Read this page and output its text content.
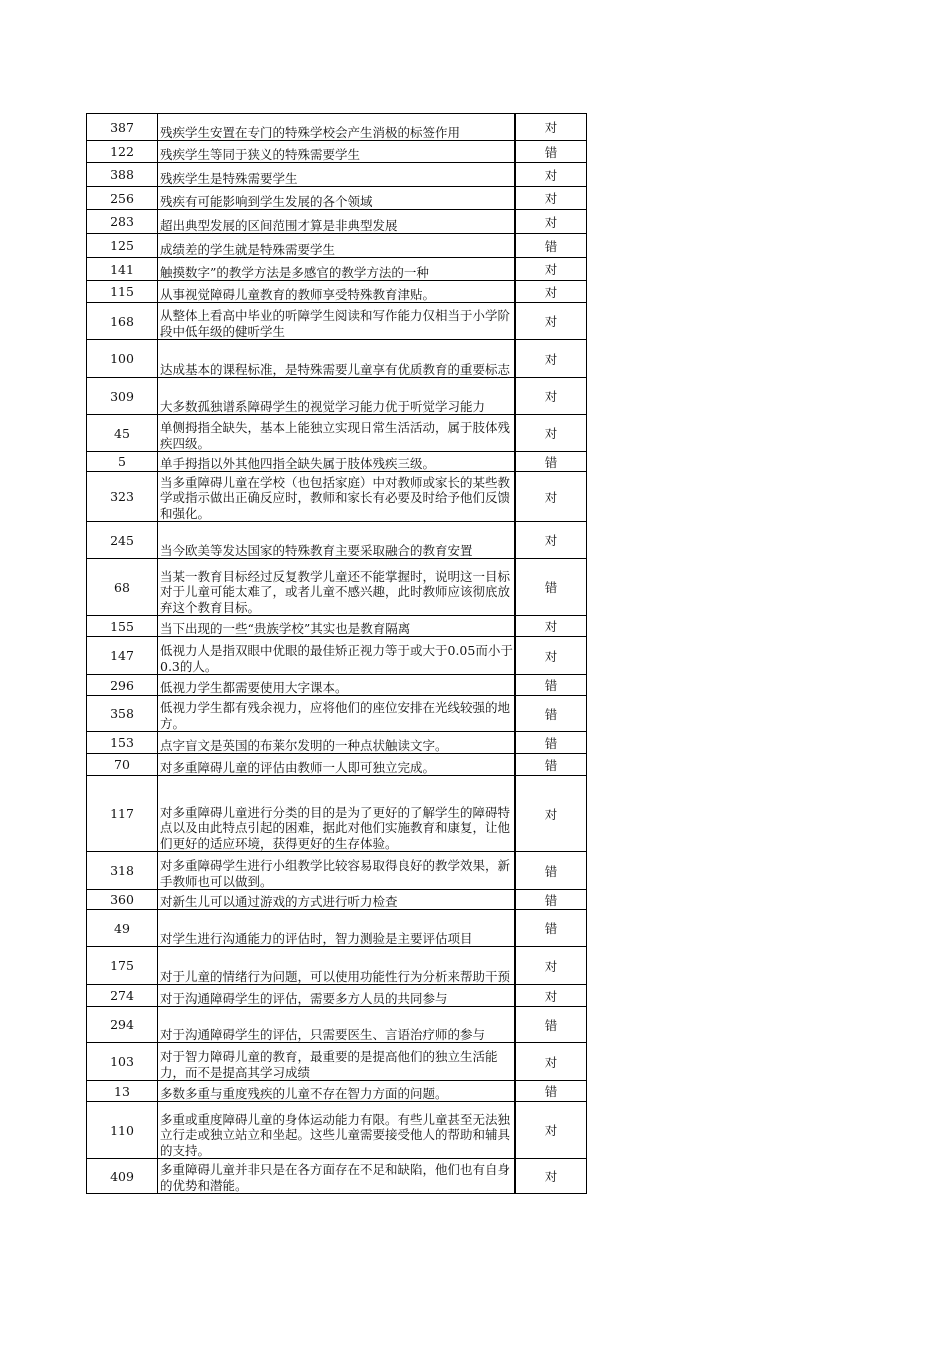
387	残疾学生安置在专门的特殊学校会产生消极的标签作用	对
122	残疾学生等同于狭义的特殊需要学生	错
388	残疾学生是特殊需要学生	对
256	残疾有可能影响到学生发展的各个领域	对
283	超出典型发展的区间范围才算是非典型发展	对
125	成绩差的学生就是特殊需要学生	错
141	触摸数字”的教学方法是多感官的教学方法的一种	对
115	从事视觉障碍儿童教育的教师享受特殊教育津贴。	对
168	从整体上看高中毕业的听障学生阅读和写作能力仅相当于小学阶段中低年级的健听学生	对
100	达成基本的课程标准，是特殊需要儿童享有优质教育的重要标志	对
309	大多数孤独谱系障碍学生的视觉学习能力优于听觉学习能力	对
45	单侧拇指全缺失，基本上能独立实现日常生活活动，属于肢体残疾四级。	对
5	单手拇指以外其他四指全缺失属于肢体残疾三级。	错
323	当多重障碍儿童在学校（也包括家庭）中对教师或家长的某些教学或指示做出正确反应时，教师和家长有必要及时给予他们反馈和强化。	对
245	当今欧美等发达国家的特殊教育主要采取融合的教育安置	对
68	当某一教育目标经过反复教学儿童还不能掌握时，说明这一目标对于儿童可能太难了，或者儿童不感兴趣，此时教师应该彻底放弃这个教育目标。	错
155	当下出现的一些“贵族学校”其实也是教育隔离	对
147	低视力人是指双眼中优眼的最佳矫正视力等于或大于0.05而小于0.3的人。	对
296	低视力学生都需要使用大字课本。	错
358	低视力学生都有残余视力，应将他们的座位安排在光线较强的地方。	错
153	点字盲文是英国的布莱尔发明的一种点状触读文字。	错
70	对多重障碍儿童的评估由教师一人即可独立完成。	错
117	对多重障碍儿童进行分类的目的是为了更好的了解学生的障碍特点以及由此特点引起的困难，据此对他们实施教育和康复，让他们更好的适应环境，获得更好的生存体验。	对
318	对多重障碍学生进行小组教学比较容易取得良好的教学效果，新手教师也可以做到。	错
360	对新生儿可以通过游戏的方式进行听力检查	错
49	对学生进行沟通能力的评估时，智力测验是主要评估项目	错
175	对于儿童的情绪行为问题，可以使用功能性行为分析来帮助干预	对
274	对于沟通障碍学生的评估，需要多方人员的共同参与	对
294	对于沟通障碍学生的评估，只需要医生、言语治疗师的参与	错
103	对于智力障碍儿童的教育，最重要的是提高他们的独立生活能力，而不是提高其学习成绩	对
13	多数多重与重度残疾的儿童不存在智力方面的问题。	错
110	多重或重度障碍儿童的身体运动能力有限。有些儿童甚至无法独立行走或独立站立和坐起。这些儿童需要接受他人的帮助和辅具的支持。	对
409	多重障碍儿童并非只是在各方面存在不足和缺陷，他们也有自身的优势和潜能。	对
